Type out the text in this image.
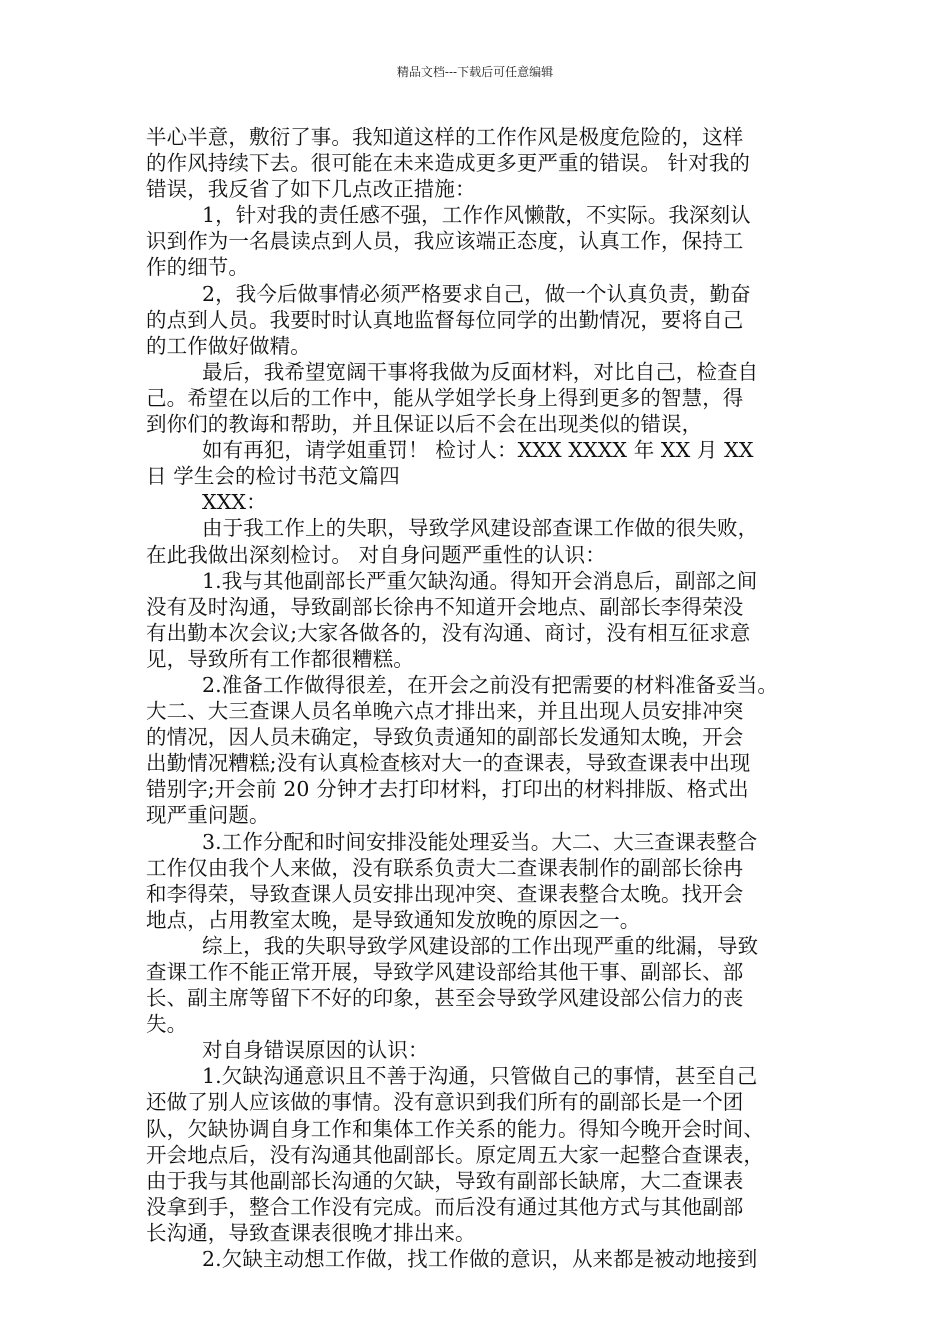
精品文档---下载后可任意编辑
半心半意，敷衍了事。我知道这样的工作作风是极度危险的，这样
的作风持续下去。很可能在未来造成更多更严重的错误。 针对我的
错误，我反省了如下几点改正措施：
1，针对我的责任感不强，工作作风懒散，不实际。我深刻认
识到作为一名晨读点到人员，我应该端正态度，认真工作，保持工
作的细节。
2，我今后做事情必须严格要求自己，做一个认真负责，勤奋
的点到人员。我要时时认真地监督每位同学的出勤情况，要将自己
的工作做好做精。
最后，我希望宽阔干事将我做为反面材料，对比自己，检查自
己。希望在以后的工作中，能从学姐学长身上得到更多的智慧，得
到你们的教诲和帮助，并且保证以后不会在出现类似的错误，
如有再犯，请学姐重罚！ 检讨人：XXX XXXX 年 XX 月 XX
日 学生会的检讨书范文篇四
XXX：
由于我工作上的失职，导致学风建设部查课工作做的很失败，
在此我做出深刻检讨。 对自身问题严重性的认识：
1.我与其他副部长严重欠缺沟通。得知开会消息后，副部之间
没有及时沟通，导致副部长徐冉不知道开会地点、副部长李得荣没
有出勤本次会议;大家各做各的，没有沟通、商讨，没有相互征求意
见，导致所有工作都很糟糕。
2.准备工作做得很差，在开会之前没有把需要的材料准备妥当。
大二、大三查课人员名单晚六点才排出来，并且出现人员安排冲突
的情况，因人员未确定，导致负责通知的副部长发通知太晚，开会
出勤情况糟糕;没有认真检查核对大一的查课表，导致查课表中出现
错别字;开会前 20 分钟才去打印材料，打印出的材料排版、格式出
现严重问题。
3.工作分配和时间安排没能处理妥当。大二、大三查课表整合
工作仅由我个人来做，没有联系负责大二查课表制作的副部长徐冉
和李得荣，导致查课人员安排出现冲突、查课表整合太晚。找开会
地点，占用教室太晚，是导致通知发放晚的原因之一。
综上，我的失职导致学风建设部的工作出现严重的纰漏，导致
查课工作不能正常开展，导致学风建设部给其他干事、副部长、部
长、副主席等留下不好的印象，甚至会导致学风建设部公信力的丧
失。
对自身错误原因的认识：
1.欠缺沟通意识且不善于沟通，只管做自己的事情，甚至自己
还做了别人应该做的事情。没有意识到我们所有的副部长是一个团
队，欠缺协调自身工作和集体工作关系的能力。得知今晚开会时间、
开会地点后，没有沟通其他副部长。原定周五大家一起整合查课表，
由于我与其他副部长沟通的欠缺，导致有副部长缺席，大二查课表
没拿到手，整合工作没有完成。而后没有通过其他方式与其他副部
长沟通，导致查课表很晚才排出来。
2.欠缺主动想工作做，找工作做的意识，从来都是被动地接到
